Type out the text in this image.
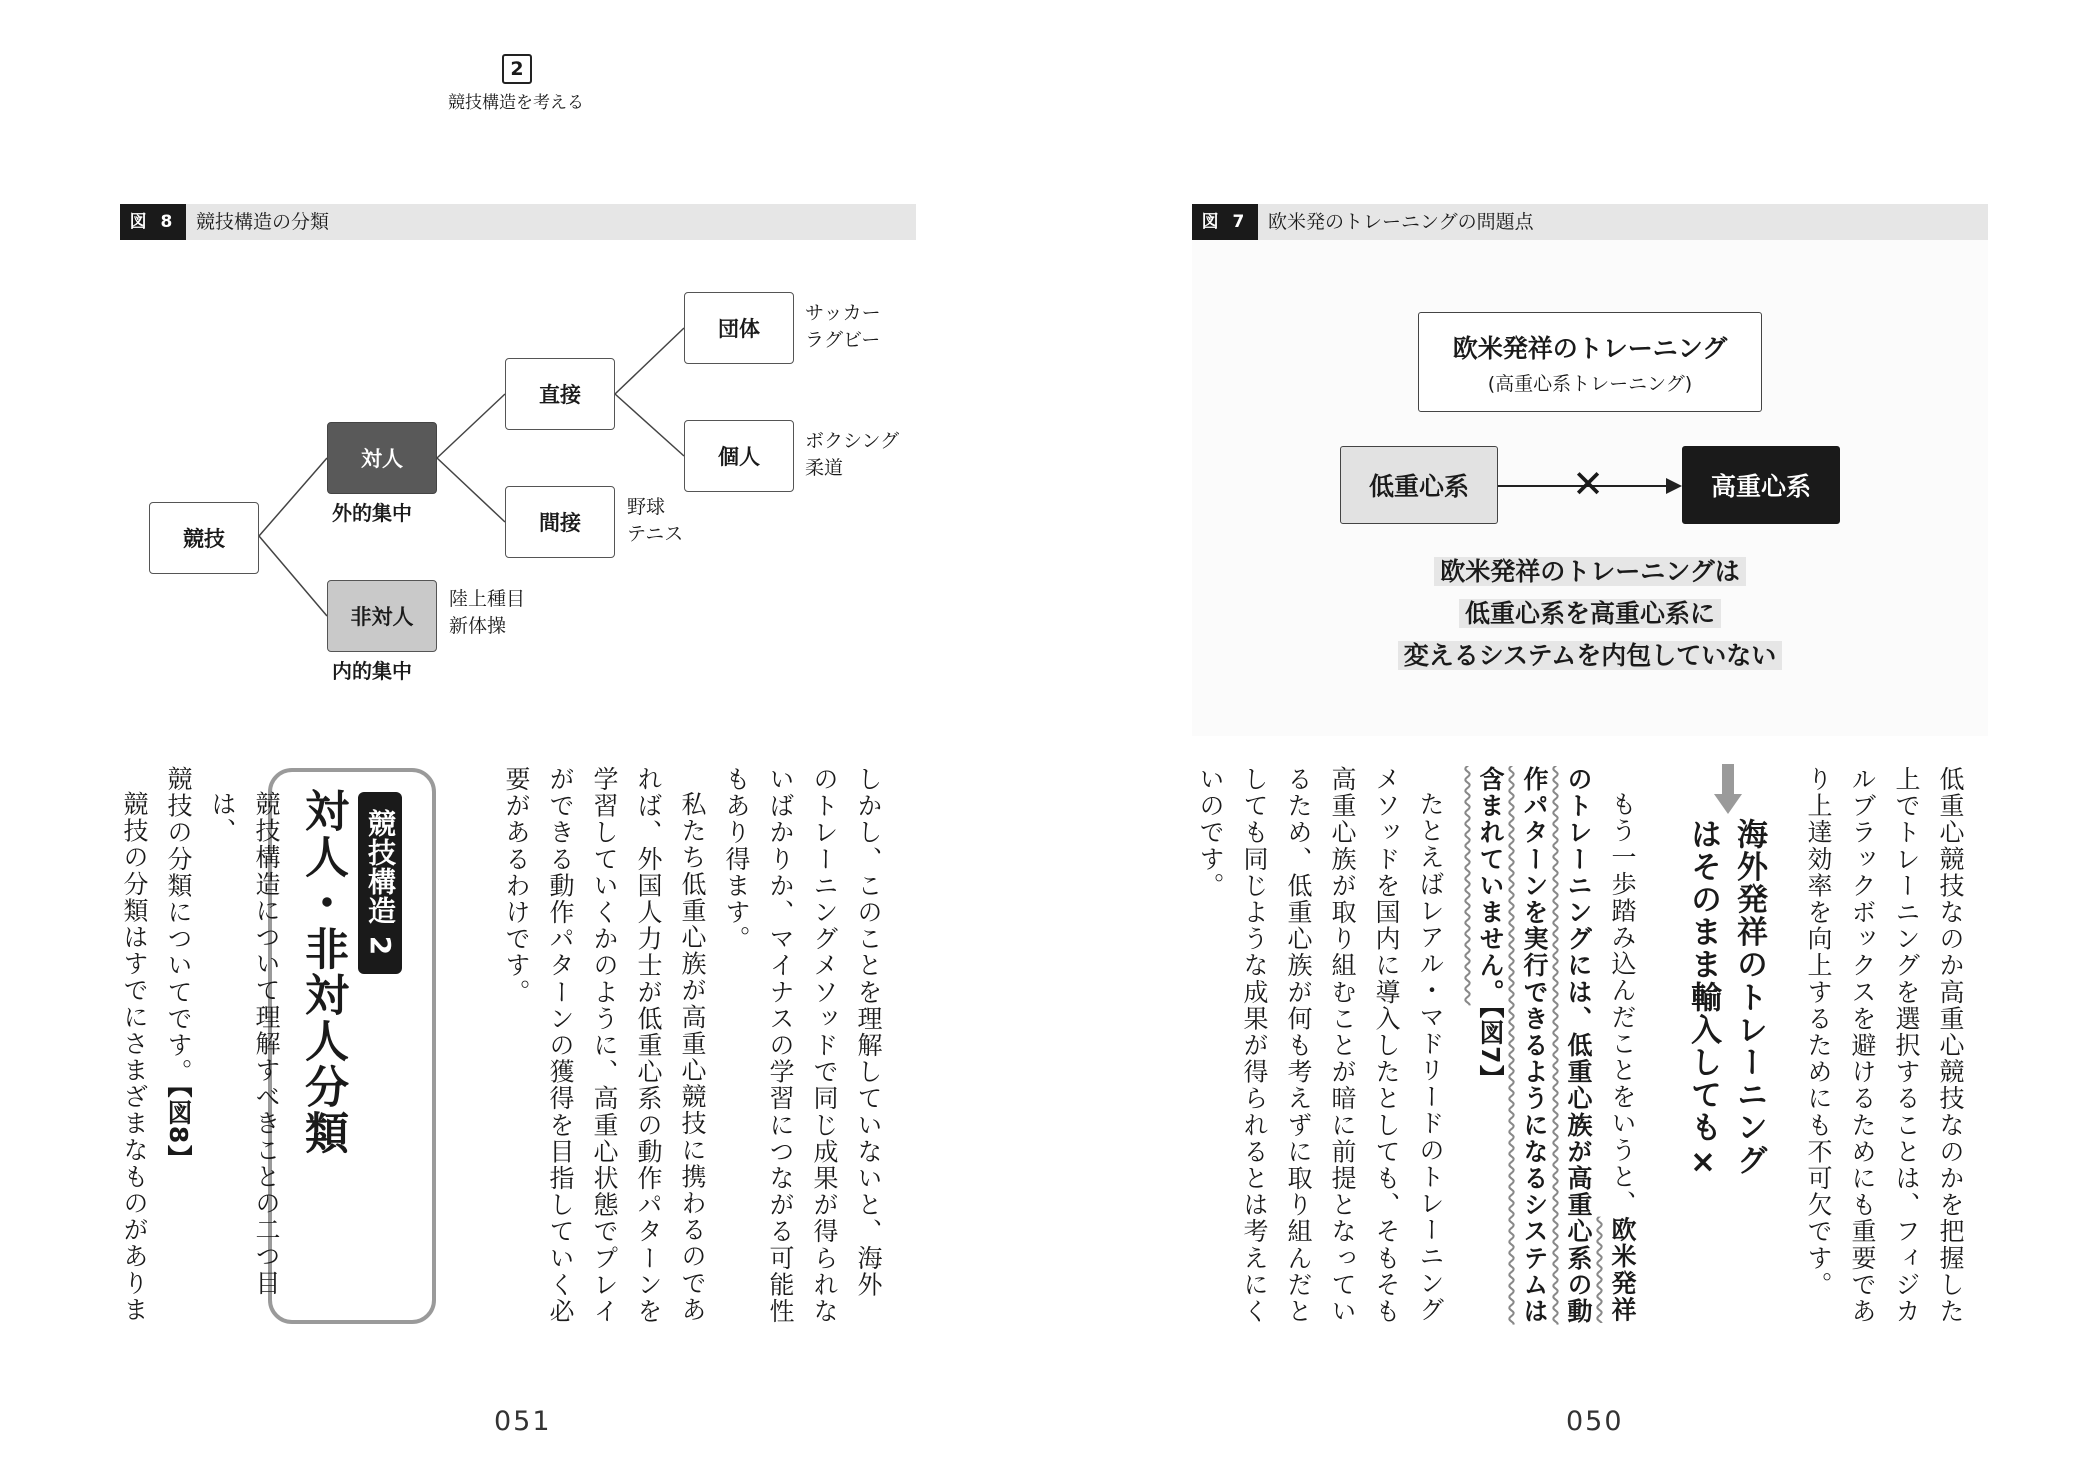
2
競技構造を考える
図 8	競技構造の分類
競技
対人
外的集中
非対人
内的集中
直接
間接
団体
個人
サッカー
ラグビー
ボクシング
柔道
野球
テニス
陸上種目
新体操
図 7	欧米発のトレーニングの問題点
欧米発祥のトレーニング
(高重心系トレーニング)
低重心系	高重心系
✕
欧米発祥のトレーニングは
低重心系を高重心系に
変えるシステムを内包していない

しかし、このことを理解していないと、海外

のトレーニングメソッドで同じ成果が得られな

いばかりか、マイナスの学習につながる可能性

もあり得ます。

私たち低重心族が高重心競技に携わるのであ

れば、外国人力士が低重心系の動作パターンを

学習していくかのように、高重心状態でプレイ

ができる動作パターンの獲得を目指していく必

要があるわけです。

競技構造 2
対人・非対人分類

競技構造について理解すべきことの二つ目は、

競技の分類についてです。【図8】

競技の分類はすでにさまざまなものがありま

051

低重心競技なのか高重心競技なのかを把握した

上でトレーニングを選択することは、フィジカ

ルブラックボックスを避けるためにも重要であ

り上達効率を向上するためにも不可欠です。

海外発祥のトレーニング

はそのまま輸入しても×

もう一歩踏み込んだことをいうと、欧米発祥

のトレーニングには、低重心族が高重心系の動

作パターンを実行できるようになるシステムは

含まれていません。【図7】

たとえばレアル・マドリードのトレーニング

メソッドを国内に導入したとしても、そもそも

高重心族が取り組むことが暗に前提となってい

るため、低重心族が何も考えずに取り組んだと

しても同じような成果が得られるとは考えにく

いのです。

050
